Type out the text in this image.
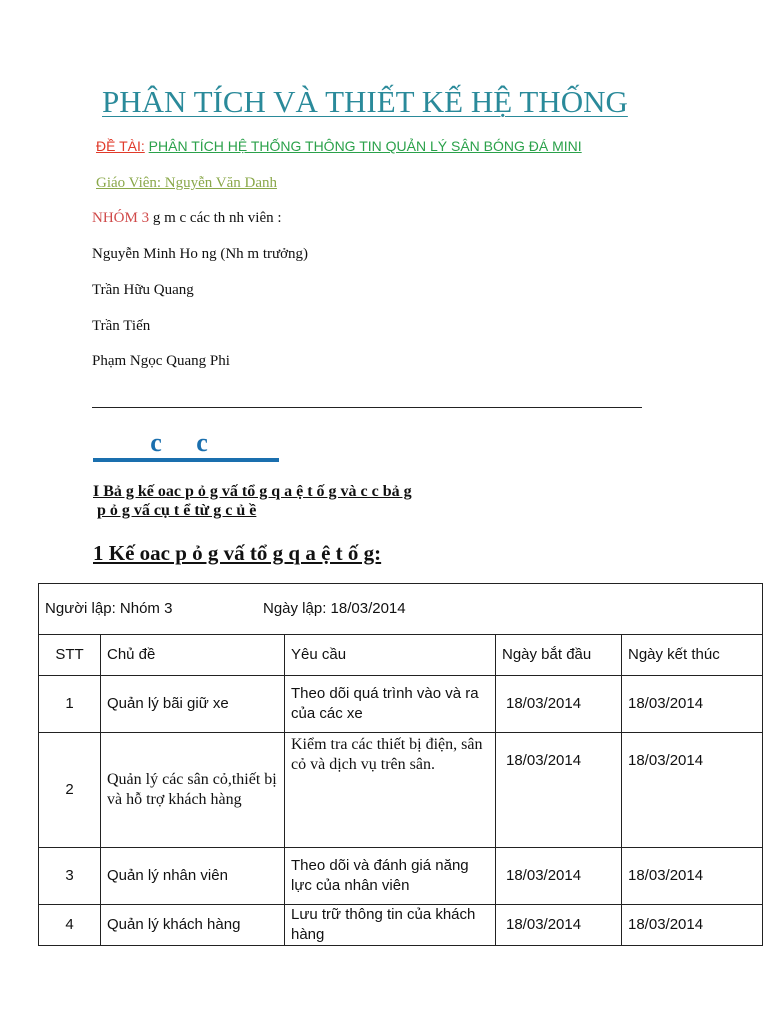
PHÂN TÍCH VÀ THIẾT KẾ HỆ THỐNG
ĐỀ TÀI: PHÂN TÍCH HỆ THỐNG THÔNG TIN QUẢN LÝ SÂN BÓNG ĐÁ MINI
Giáo Viên: Nguyễn Văn Danh
NHÓM 3 g m c các th nh viên :
Nguyễn Minh Ho ng (Nh m trưởng)
Trần Hữu Quang
Trần Tiến
Phạm Ngọc Quang Phi
c c
I Bả g kế oac p ỏ g vấ tổ g q a ệ t ố g và c c bả g
p ỏ g vấ cụ t ể từ g c ủ ề
1 Kế oac p ỏ g vấ tổ g q a ệ t ố g:
Người lập: Nhóm 3 Ngày lập: 18/03/2014				
STT	Chủ đề	Yêu cầu	Ngày bắt đầu	Ngày kết thúc
1	Quản lý bãi giữ xe	Theo dõi quá trình vào và ra của các xe	18/03/2014	18/03/2014
2	Quản lý các sân cỏ,thiết bị và hỗ trợ khách hàng	Kiểm tra các thiết bị điện, sân cỏ và dịch vụ trên sân.	18/03/2014	18/03/2014
3	Quản lý nhân viên	Theo dõi và đánh giá năng lực của nhân viên	18/03/2014	18/03/2014
4	Quản lý khách hàng	Lưu trữ thông tin của khách hàng	18/03/2014	18/03/2014
